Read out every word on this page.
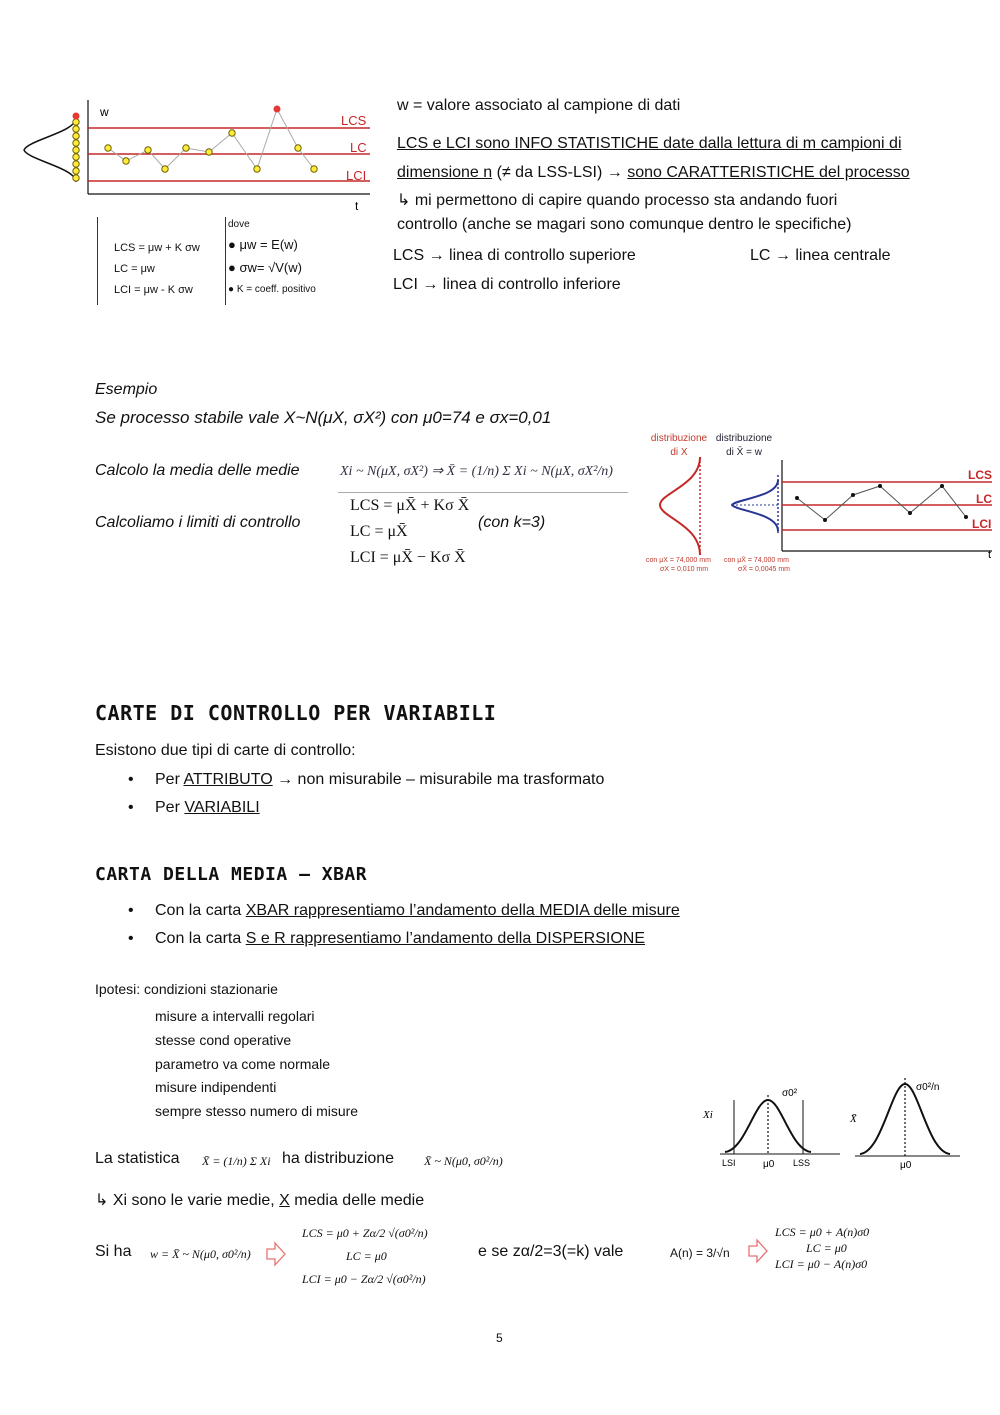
w
t
LCS
LC
LCI
LCS = μw + K σw
LC = μw
LCI = μw - K σw
dove
● μw = E(w)
● σw= √V(w)
● K = coeff. positivo
w = valore associato al campione di dati
LCS e LCI sono INFO STATISTICHE date dalla lettura di m campioni di
dimensione n (≠ da LSS-LSI) → sono CARATTERISTICHE del processo
↳ mi permettono di capire quando processo sta andando fuori
controllo (anche se magari sono comunque dentro le specifiche)
LCS → linea di controllo superiore	LC → linea centrale
LCI → linea di controllo inferiore
Esempio
Se processo stabile vale X~N(μX, σX²) con μ0=74 e σx=0,01
Calcolo la media delle medie	Xi ~ N(μX, σX²) ⇒ X̄ = (1/n) Σ Xi ~ N(μX, σX²/n)
Calcoliamo i limiti di controllo
LCS = μX̄ + Kσ X̄
LC = μX̄
LCI = μX̄ − Kσ X̄
(con k=3)
distribuzione di X
distribuzione di X̄ = w
LCS
LC
LCI
t
con μX = 74,000 mm
σX = 0,010 mm
con μX̄ = 74,000 mm
σX̄ = 0,0045 mm
CARTE DI CONTROLLO PER VARIABILI
Esistono due tipi di carte di controllo:
• Per ATTRIBUTO → non misurabile – misurabile ma trasformato
• Per VARIABILI
CARTA DELLA MEDIA – XBAR
• Con la carta XBAR rappresentiamo l’andamento della MEDIA delle misure
• Con la carta S e R rappresentiamo l’andamento della DISPERSIONE
Ipotesi: condizioni stazionarie
misure a intervalli regolari
stesse cond operative
parametro va come normale
misure indipendenti
sempre stesso numero di misure	Xi
σ0²
LSI	μ0 LSS
X̄
σ0²/n
μ0
La statistica X̄ = (1/n) Σ Xi ha distribuzione X̄ ~ N(μ0, σ0²/n)
↳ Xi sono le varie medie, X media delle medie
Si ha w = X̄ ~ N(μ0, σ0²/n)
LCS = μ0 + Zα/2 √(σ0²/n)
LC = μ0
LCI = μ0 − Zα/2 √(σ0²/n)
e se zα/2=3(=k) vale	A(n) = 3/√n
LCS = μ0 + A(n)σ0
LC = μ0
LCI = μ0 − A(n)σ0
5
